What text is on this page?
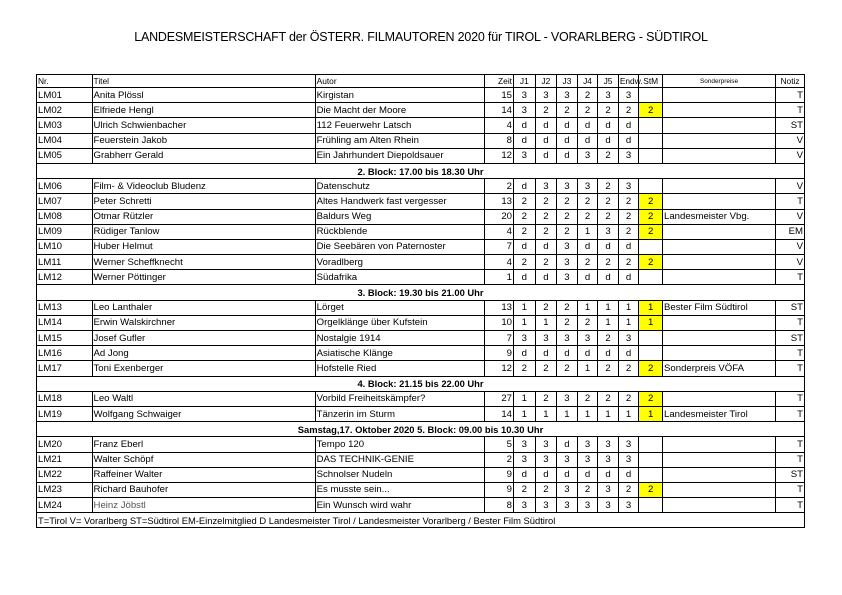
LANDESMEISTERSCHAFT der ÖSTERR. FILMAUTOREN 2020 für TIROL - VORARLBERG - SÜDTIROL
Nr.	Titel	Autor	Zeit	J1	J2	J3	J4	J5	Endw.	StM	Sonderpreise	Notiz
LM01	Anita Plössl	Kirgistan	15	3	3	3	2	3	3			T
LM02	Elfriede Hengl	Die Macht der Moore	14	3	2	2	2	2	2	2		T
LM03	Ulrich Schwienbacher	112 Feuerwehr Latsch	4	d	d	d	d	d	d			ST
LM04	Feuerstein Jakob	Frühling am Alten Rhein	8	d	d	d	d	d	d			V
LM05	Grabherr Gerald	Ein Jahrhundert Diepoldsauer	12	3	d	d	3	2	3			V
2. Block: 17.00 bis 18.30 Uhr												
LM06	Film- & Videoclub Bludenz	Datenschutz	2	d	3	3	3	2	3			V
LM07	Peter Schretti	Altes Handwerk fast vergesser	13	2	2	2	2	2	2	2		T
LM08	Otmar Rützler	Baldurs Weg	20	2	2	2	2	2	2	2	Landesmeister Vbg.	V
LM09	Rüdiger Tanlow	Rückblende	4	2	2	2	1	3	2	2		EM
LM10	Huber Helmut	Die Seebären von Paternoster	7	d	d	3	d	d	d			V
LM11	Werner Scheffknecht	Voradlberg	4	2	2	3	2	2	2	2		V
LM12	Werner Pöttinger	Südafrika	1	d	d	3	d	d	d			T
3. Block: 19.30 bis 21.00 Uhr												
LM13	Leo Lanthaler	Lörget	13	1	2	2	1	1	1	1	Bester Film Südtirol	ST
LM14	Erwin Walskirchner	Orgelklänge über Kufstein	10	1	1	2	2	1	1	1		T
LM15	Josef Gufler	Nostalgie 1914	7	3	3	3	3	2	3			ST
LM16	Ad Jong	Asiatische Klänge	9	d	d	d	d	d	d			T
LM17	Toni Exenberger	Hofstelle Ried	12	2	2	2	1	2	2	2	Sonderpreis VÖFA	T
4. Block: 21.15 bis 22.00 Uhr												
LM18	Leo Waltl	Vorbild Freiheitskämpfer?	27	1	2	3	2	2	2	2		T
LM19	Wolfgang Schwaiger	Tänzerin im Sturm	14	1	1	1	1	1	1	1	Landesmeister Tirol	T
Samstag,17. Oktober 2020 5. Block: 09.00 bis 10.30 Uhr												
LM20	Franz Eberl	Tempo 120	5	3	3	d	3	3	3			T
LM21	Walter Schöpf	DAS TECHNIK-GENIE	2	3	3	3	3	3	3			T
LM22	Raffeiner Walter	Schnolser Nudeln	9	d	d	d	d	d	d			ST
LM23	Richard Bauhofer	Es musste sein...	9	2	2	3	2	3	2	2		T
LM24	Heinz Jöbstl	Ein Wunsch wird wahr	8	3	3	3	3	3	3			T
T=Tirol V= Vorarlberg ST=Südtirol EM-Einzelmitglied D Landesmeister Tirol / Landesmeister Vorarlberg / Bester Film Südtirol												
